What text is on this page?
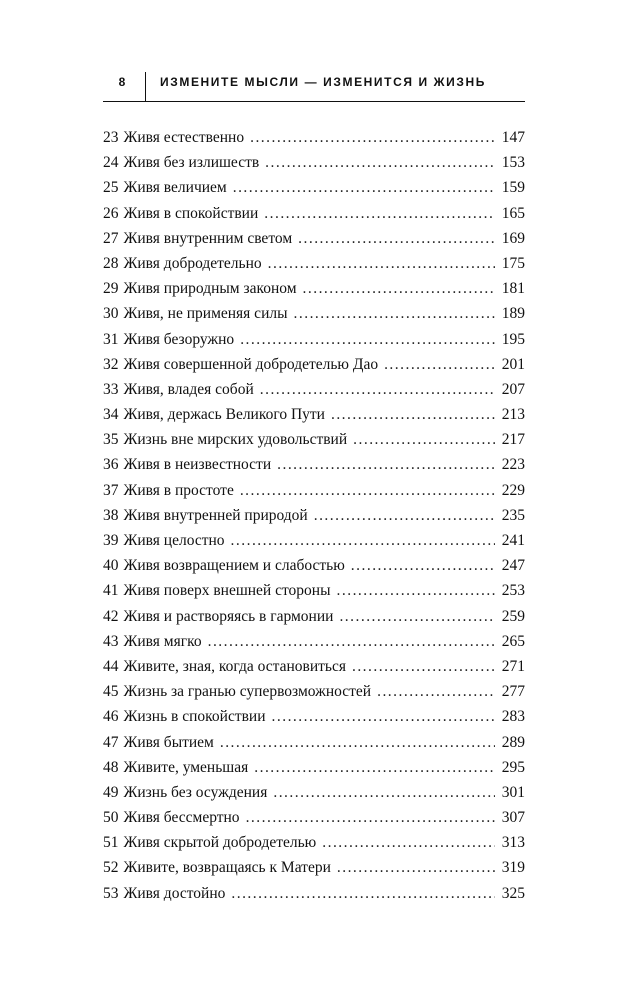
8	ИЗМЕНИТЕ МЫСЛИ — ИЗМЕНИТСЯ И ЖИЗНЬ
23 Живя естественно . . .	147
24 Живя без излишеств . . .	153
25 Живя величием . . .	159
26 Живя в спокойствии . . .	165
27 Живя внутренним светом . . .	169
28 Живя добродетельно . . .	175
29 Живя природным законом . . .	181
30 Живя, не применяя силы . . .	189
31 Живя безоружно . . .	195
32 Живя совершенной добродетелью Дао . . .	201
33 Живя, владея собой . . .	207
34 Живя, держась Великого Пути . . .	213
35 Жизнь вне мирских удовольствий . . .	217
36 Живя в неизвестности . . .	223
37 Живя в простоте . . .	229
38 Живя внутренней природой . . .	235
39 Живя целостно . . .	241
40 Живя возвращением и слабостью . . .	247
41 Живя поверх внешней стороны . . .	253
42 Живя и растворяясь в гармонии . . .	259
43 Живя мягко . . .	265
44 Живите, зная, когда остановиться . . .	271
45 Жизнь за гранью супервозможностей . . .	277
46 Жизнь в спокойствии . . .	283
47 Живя бытием . . .	289
48 Живите, уменьшая . . .	295
49 Жизнь без осуждения . . .	301
50 Живя бессмертно . . .	307
51 Живя скрытой добродетелью . . .	313
52 Живите, возвращаясь к Матери . . .	319
53 Живя достойно . . .	325
